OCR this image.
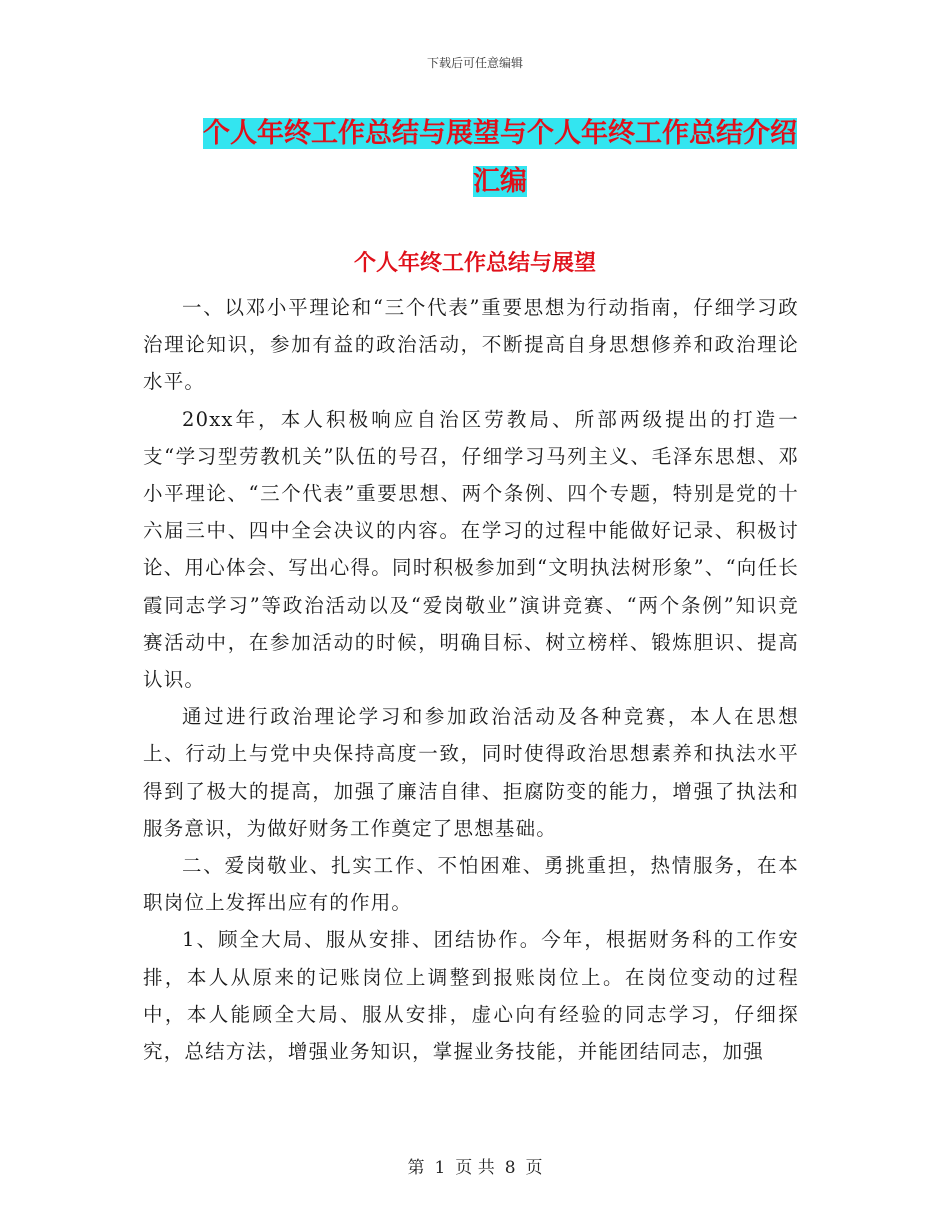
下载后可任意编辑
个人年终工作总结与展望与个人年终工作总结介绍汇编
个人年终工作总结与展望

一、以邓小平理论和“三个代表”重要思想为行动指南，仔细学习政治理论知识，参加有益的政治活动，不断提高自身思想修养和政治理论水平。

20xx年，本人积极响应自治区劳教局、所部两级提出的打造一支“学习型劳教机关”队伍的号召，仔细学习马列主义、毛泽东思想、邓小平理论、“三个代表”重要思想、两个条例、四个专题，特别是党的十六届三中、四中全会决议的内容。在学习的过程中能做好记录、积极讨论、用心体会、写出心得。同时积极参加到“文明执法树形象”、“向任长霞同志学习”等政治活动以及“爱岗敬业”演讲竞赛、“两个条例”知识竞赛活动中，在参加活动的时候，明确目标、树立榜样、锻炼胆识、提高认识。

通过进行政治理论学习和参加政治活动及各种竞赛，本人在思想上、行动上与党中央保持高度一致，同时使得政治思想素养和执法水平得到了极大的提高，加强了廉洁自律、拒腐防变的能力，增强了执法和服务意识，为做好财务工作奠定了思想基础。

二、爱岗敬业、扎实工作、不怕困难、勇挑重担，热情服务，在本职岗位上发挥出应有的作用。

1、顾全大局、服从安排、团结协作。今年，根据财务科的工作安排，本人从原来的记账岗位上调整到报账岗位上。在岗位变动的过程中，本人能顾全大局、服从安排，虚心向有经验的同志学习，仔细探究，总结方法，增强业务知识，掌握业务技能，并能团结同志，加强

第 1 页 共 8 页
